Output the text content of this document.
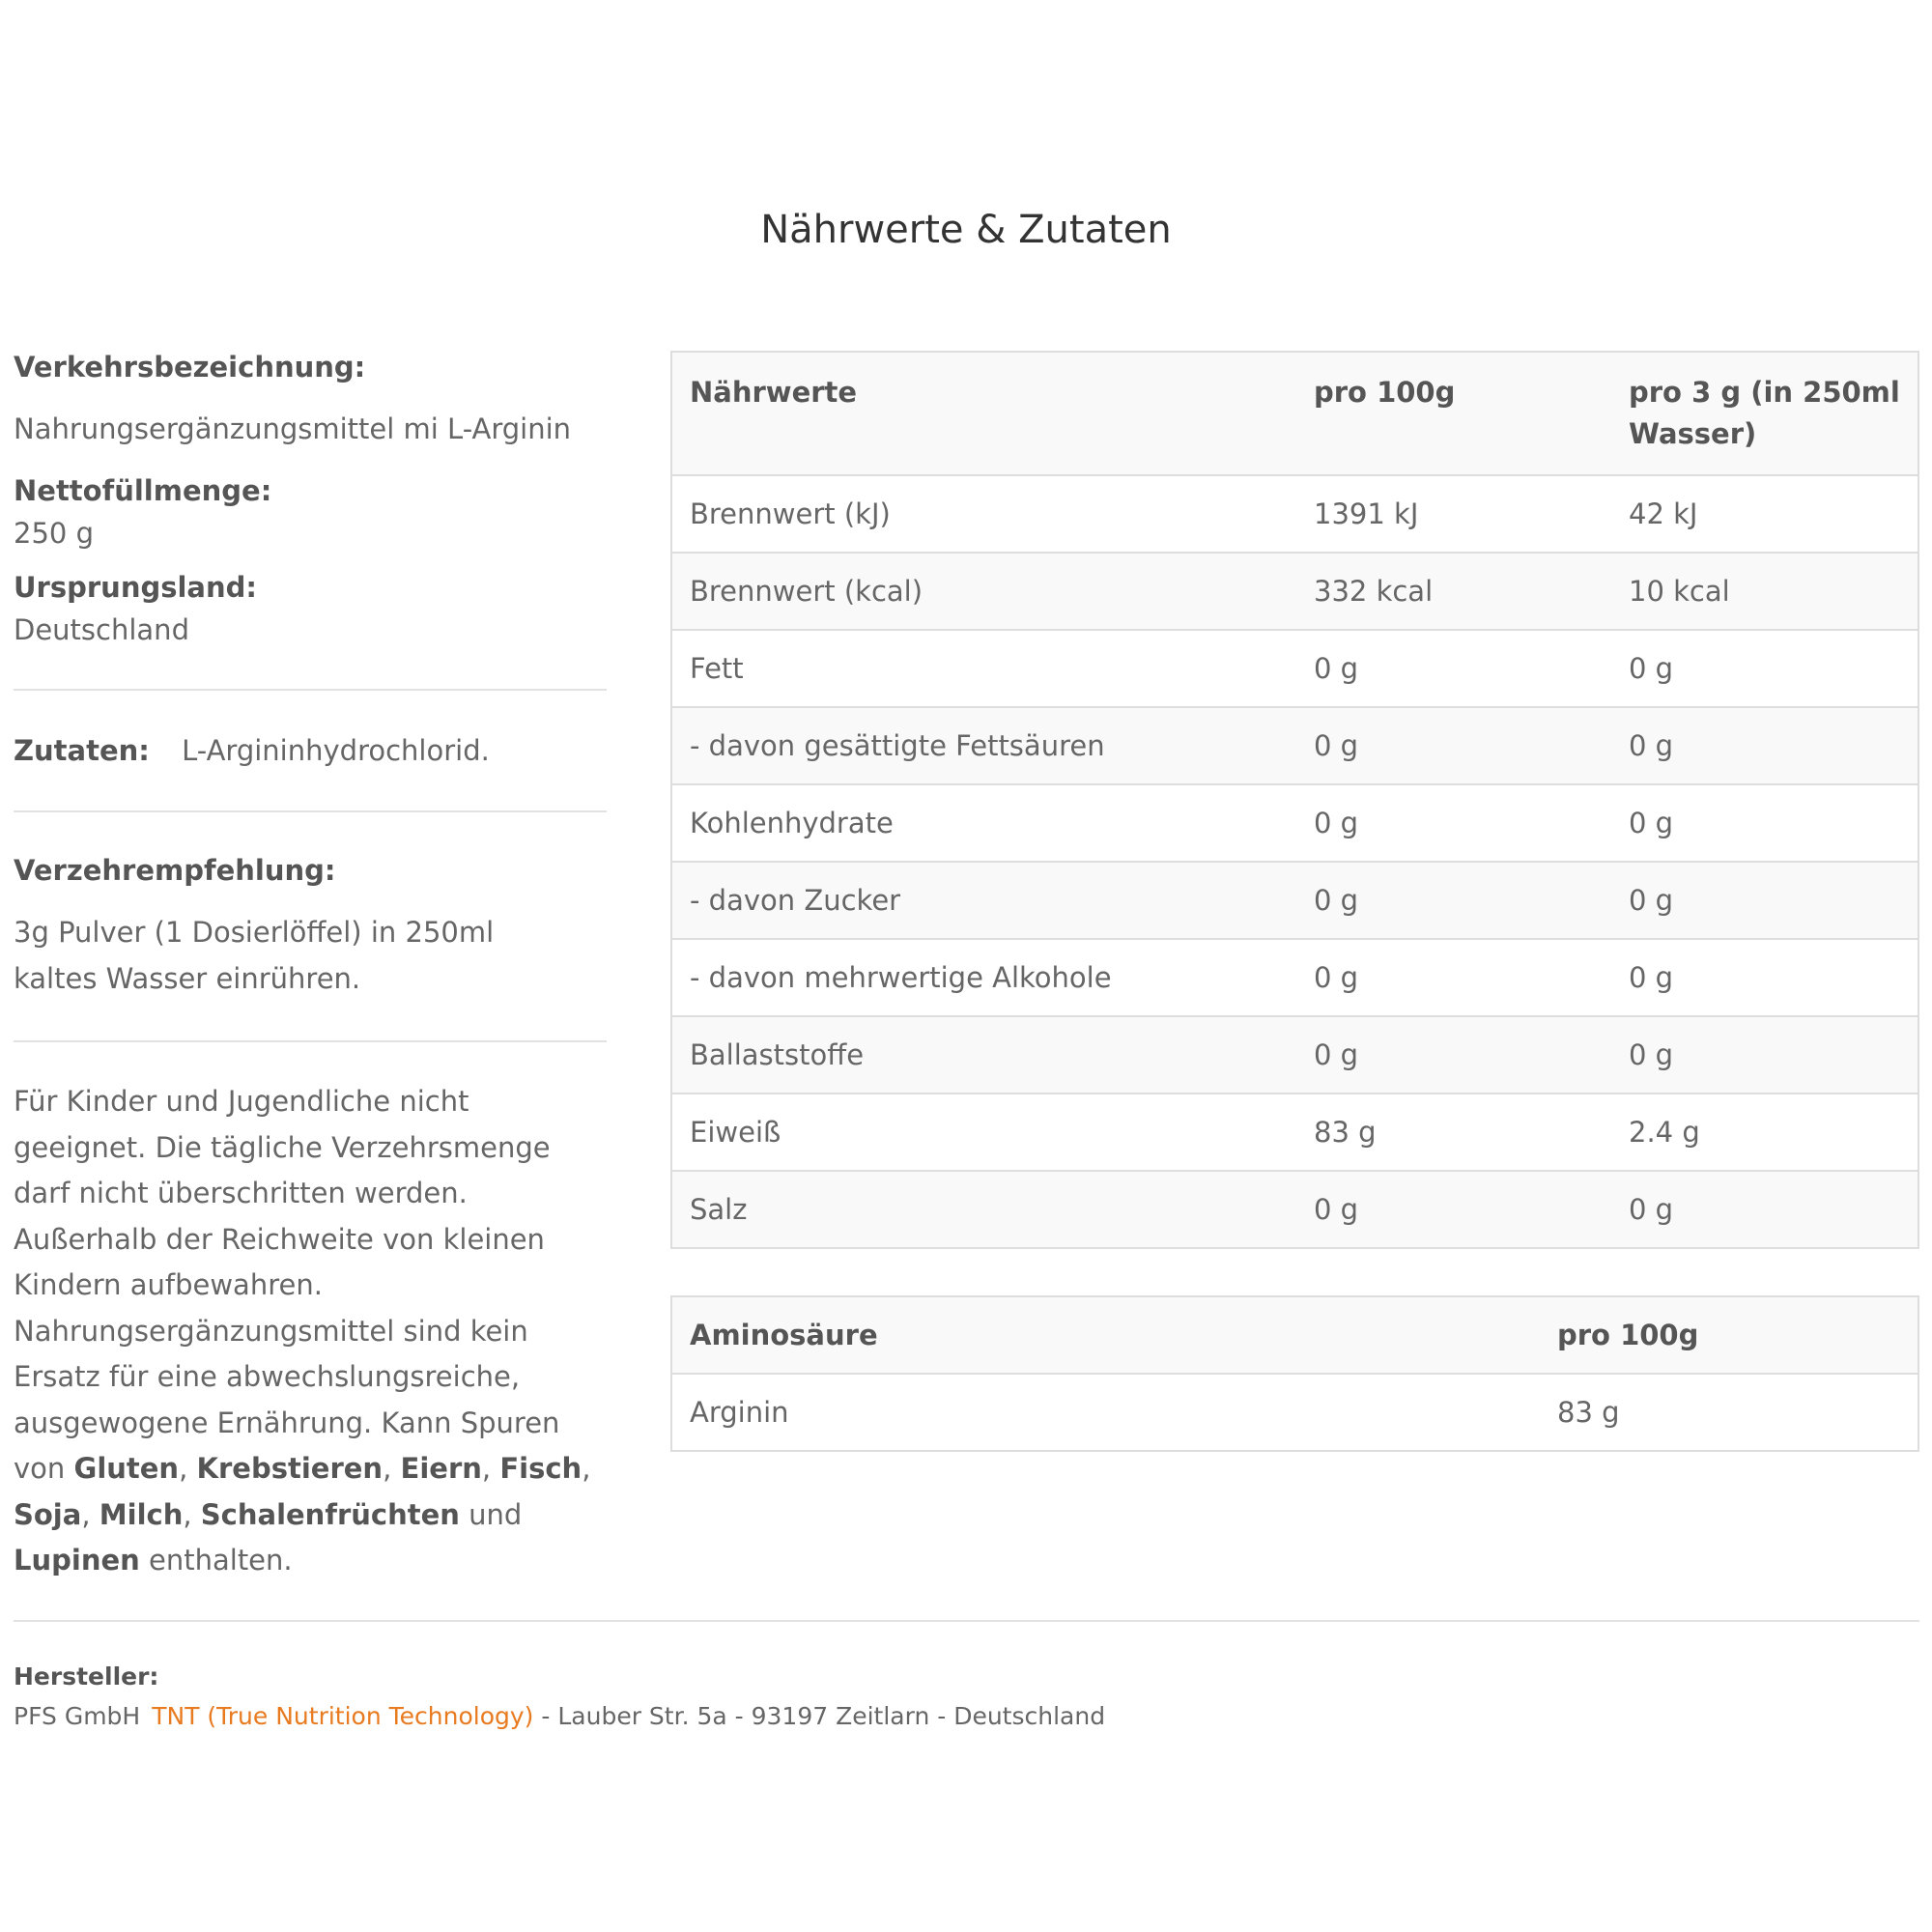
Nährwerte & Zutaten
Verkehrsbezeichnung:
Nahrungsergänzungsmittel mi L-Arginin
Nettofüllmenge:
250 g
Ursprungsland:
Deutschland
Zutaten: L-Argininhydrochlorid.
Verzehrempfehlung:
3g Pulver (1 Dosierlöffel) in 250ml kaltes Wasser einrühren.
Für Kinder und Jugendliche nicht geeignet. Die tägliche Verzehrsmenge darf nicht überschritten werden. Außerhalb der Reichweite von kleinen Kindern aufbewahren. Nahrungsergänzungsmittel sind kein Ersatz für eine abwechslungsreiche, ausgewogene Ernährung. Kann Spuren von Gluten, Krebstieren, Eiern, Fisch, Soja, Milch, Schalenfrüchten und Lupinen enthalten.
Nährwerte	pro 100g	pro 3 g (in 250ml Wasser)
Brennwert (kJ)	1391 kJ	42 kJ
Brennwert (kcal)	332 kcal	10 kcal
Fett	0 g	0 g
- davon gesättigte Fettsäuren	0 g	0 g
Kohlenhydrate	0 g	0 g
- davon Zucker	0 g	0 g
- davon mehrwertige Alkohole	0 g	0 g
Ballaststoffe	0 g	0 g
Eiweiß	83 g	2.4 g
Salz	0 g	0 g
Aminosäure	pro 100g
Arginin	83 g
Hersteller:
PFS GmbH TNT (True Nutrition Technology) - Lauber Str. 5a - 93197 Zeitlarn - Deutschland
